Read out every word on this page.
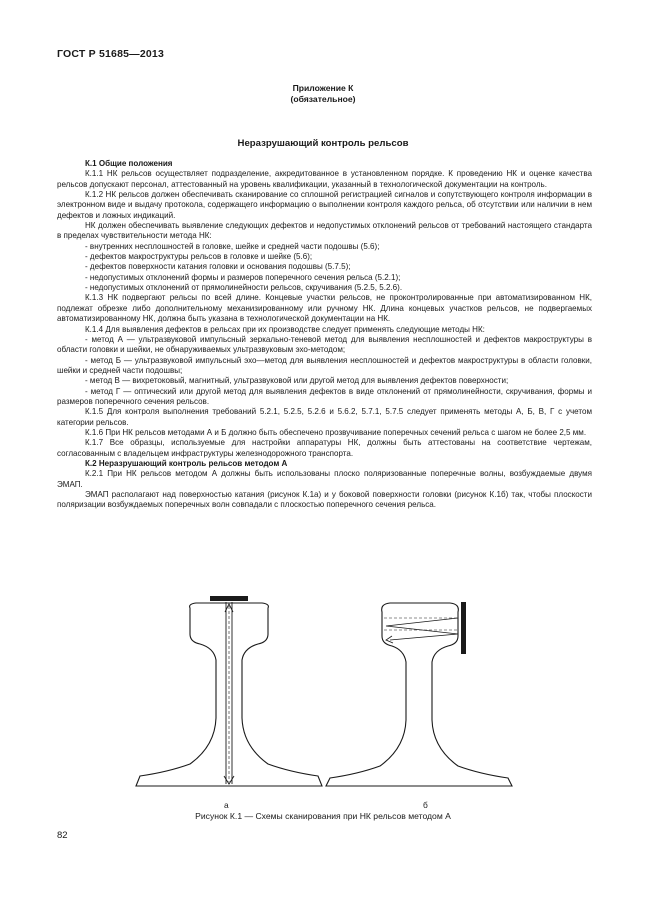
ГОСТ Р 51685—2013
Приложение К
(обязательное)
Неразрушающий контроль рельсов

К.1 Общие положения

К.1.1 НК рельсов осуществляет подразделение, аккредитованное в установленном порядке. К проведению НК и оценке качества рельсов допускают персонал, аттестованный на уровень квалификации, указанный в технологической документации на контроль.

К.1.2 НК рельсов должен обеспечивать сканирование со сплошной регистрацией сигналов и сопутствующего контроля информации в электронном виде и выдачу протокола, содержащего информацию о выполнении контроля каждого рельса, об отсутствии или наличии в нем дефектов и ложных индикаций.

НК должен обеспечивать выявление следующих дефектов и недопустимых отклонений рельсов от требований настоящего стандарта в пределах чувствительности метода НК:

- внутренних несплошностей в головке, шейке и средней части подошвы (5.6);

- дефектов макроструктуры рельсов в головке и шейке (5.6);

- дефектов поверхности катания головки и основания подошвы (5.7.5);

- недопустимых отклонений формы и размеров поперечного сечения рельса (5.2.1);

- недопустимых отклонений от прямолинейности рельсов, скручивания (5.2.5, 5.2.6).

К.1.3 НК подвергают рельсы по всей длине. Концевые участки рельсов, не проконтролированные при автоматизированном НК, подлежат обрезке либо дополнительному механизированному или ручному НК. Длина концевых участков рельсов, не подвергаемых автоматизированному НК, должна быть указана в технологической документации на НК.

К.1.4 Для выявления дефектов в рельсах при их производстве следует применять следующие методы НК:

- метод А — ультразвуковой импульсный зеркально-теневой метод для выявления несплошностей и дефектов макроструктуры в области головки и шейки, не обнаруживаемых ультразвуковым эхо-методом;

- метод Б — ультразвуковой импульсный эхо—метод для выявления несплошностей и дефектов макроструктуры в области головки, шейки и средней части подошвы;

- метод В — вихретоковый, магнитный, ультразвуковой или другой метод для выявления дефектов поверхности;

- метод Г — оптический или другой метод для выявления дефектов в виде отклонений от прямолинейности, скручивания, формы и размеров поперечного сечения рельсов.

К.1.5 Для контроля выполнения требований 5.2.1, 5.2.5, 5.2.6 и 5.6.2, 5.7.1, 5.7.5 следует применять методы А, Б, В, Г с учетом категории рельсов.

К.1.6 При НК рельсов методами А и Б должно быть обеспечено прозвучивание поперечных сечений рельса с шагом не более 2,5 мм.

К.1.7 Все образцы, используемые для настройки аппаратуры НК, должны быть аттестованы на соответствие чертежам, согласованным с владельцем инфраструктуры железнодорожного транспорта.

К.2 Неразрушающий контроль рельсов методом А

К.2.1 При НК рельсов методом А должны быть использованы плоско поляризованные поперечные волны, возбуждаемые двумя ЭМАП.

ЭМАП располагают над поверхностью катания (рисунок К.1а) и у боковой поверхности головки (рисунок К.1б) так, чтобы плоскости поляризации возбуждаемых поперечных волн совпадали с плоскостью поперечного сечения рельса.

а	б
Рисунок К.1 — Схемы сканирования при НК рельсов методом А
82
